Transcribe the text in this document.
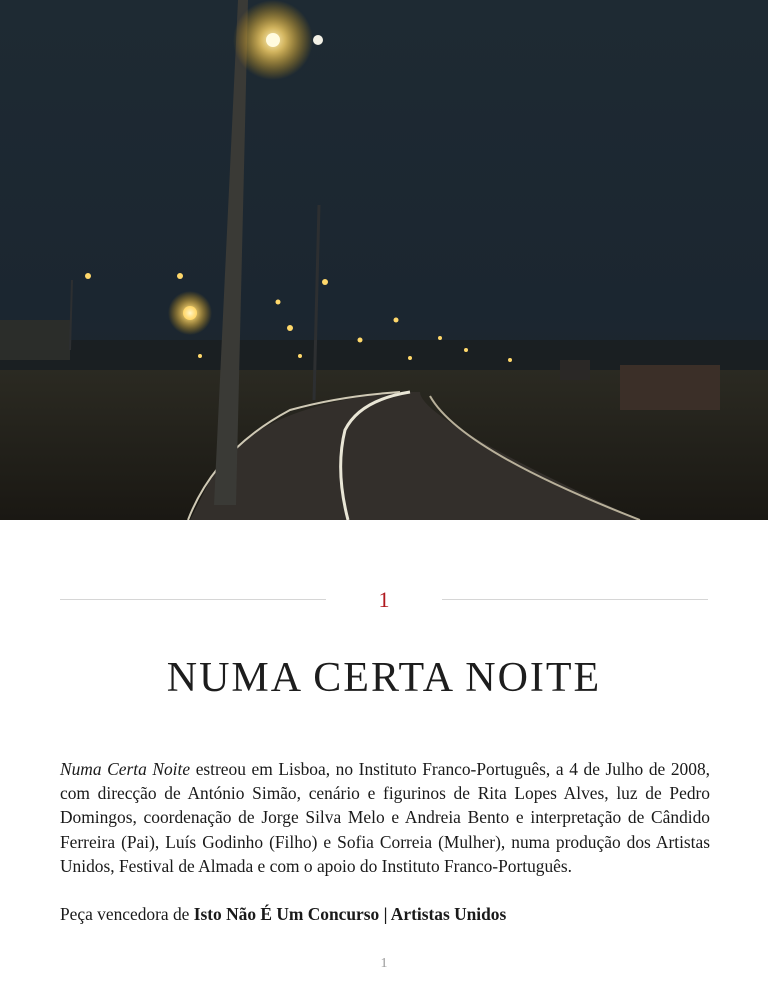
1
NUMA CERTA NOITE

Numa Certa Noite estreou em Lisboa, no Instituto Franco-Português, a 4 de Julho de 2008, com direcção de António Simão, cenário e figurinos de Rita Lopes Alves, luz de Pedro Domingos, coordenação de Jorge Silva Melo e Andreia Bento e interpretação de Cândido Ferreira (Pai), Luís Godinho (Filho) e Sofia Correia (Mulher), numa produção dos Artistas Unidos, Festival de Almada e com o apoio do Instituto Franco-Português.

Peça vencedora de Isto Não É Um Concurso | Artistas Unidos

1
